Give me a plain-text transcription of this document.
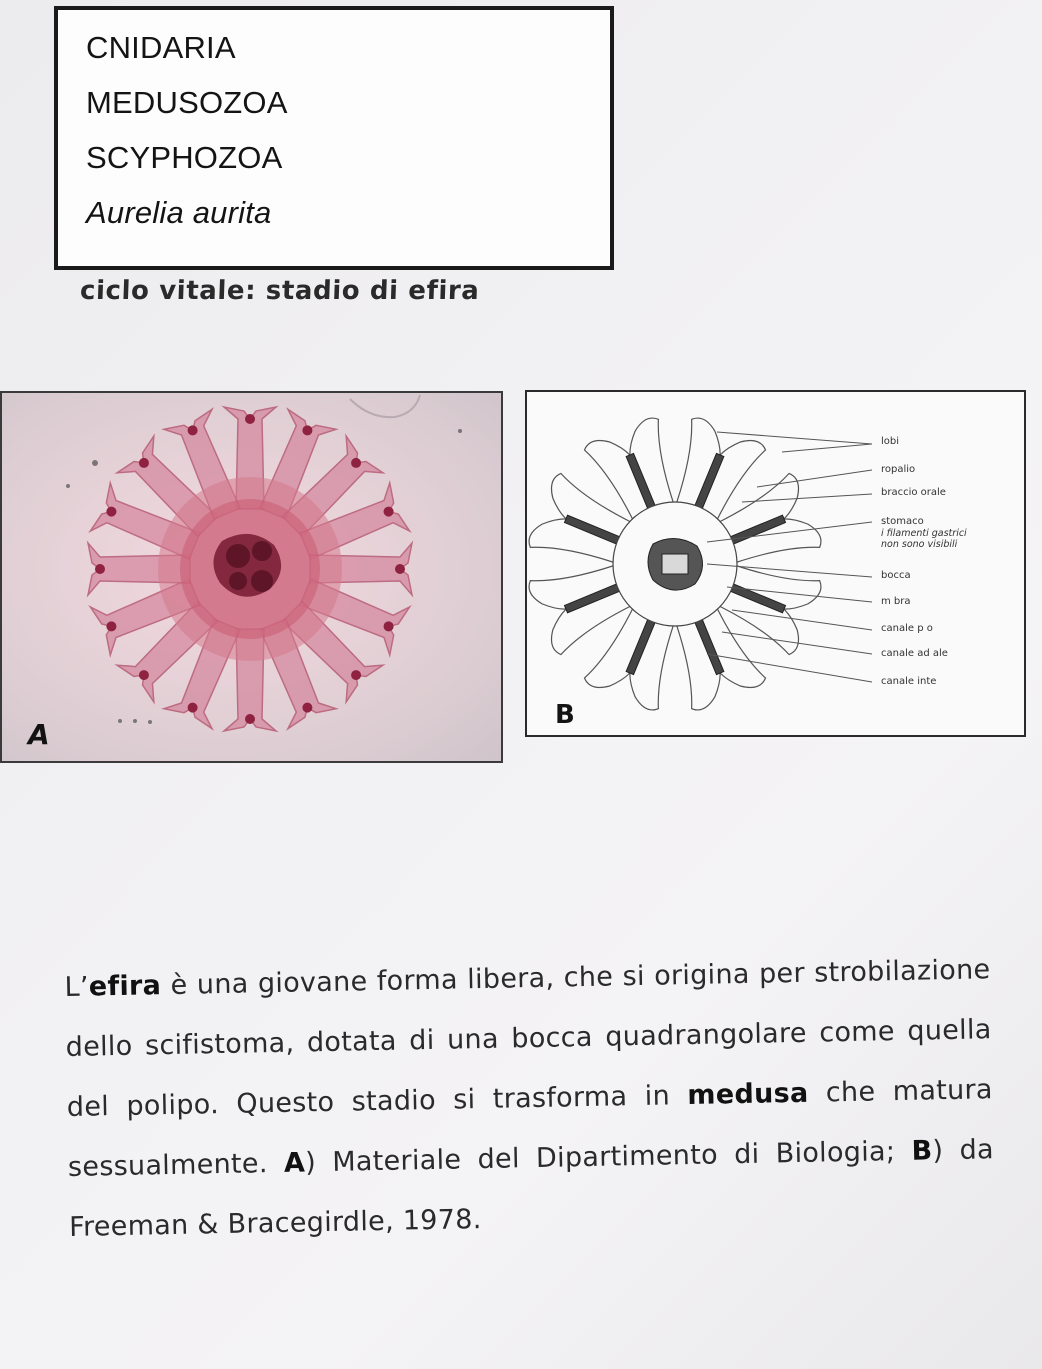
CNIDARIA
MEDUSOZOA
SCYPHOZOA
Aurelia aurita
ciclo vitale: stadio di efira
A
lobi
ropalio
braccio orale
stomaco
i filamenti gastrici
non sono visibili
bocca
m bra
canale p o
canale ad ale
canale inte
B
L’efira è una giovane forma libera, che si origina per strobilazione dello scifistoma, dotata di una bocca quadrangolare come quella del polipo. Questo stadio si trasforma in medusa che matura sessualmente. A) Materiale del Dipartimento di Biologia; B) da Freeman & Bracegirdle, 1978.
